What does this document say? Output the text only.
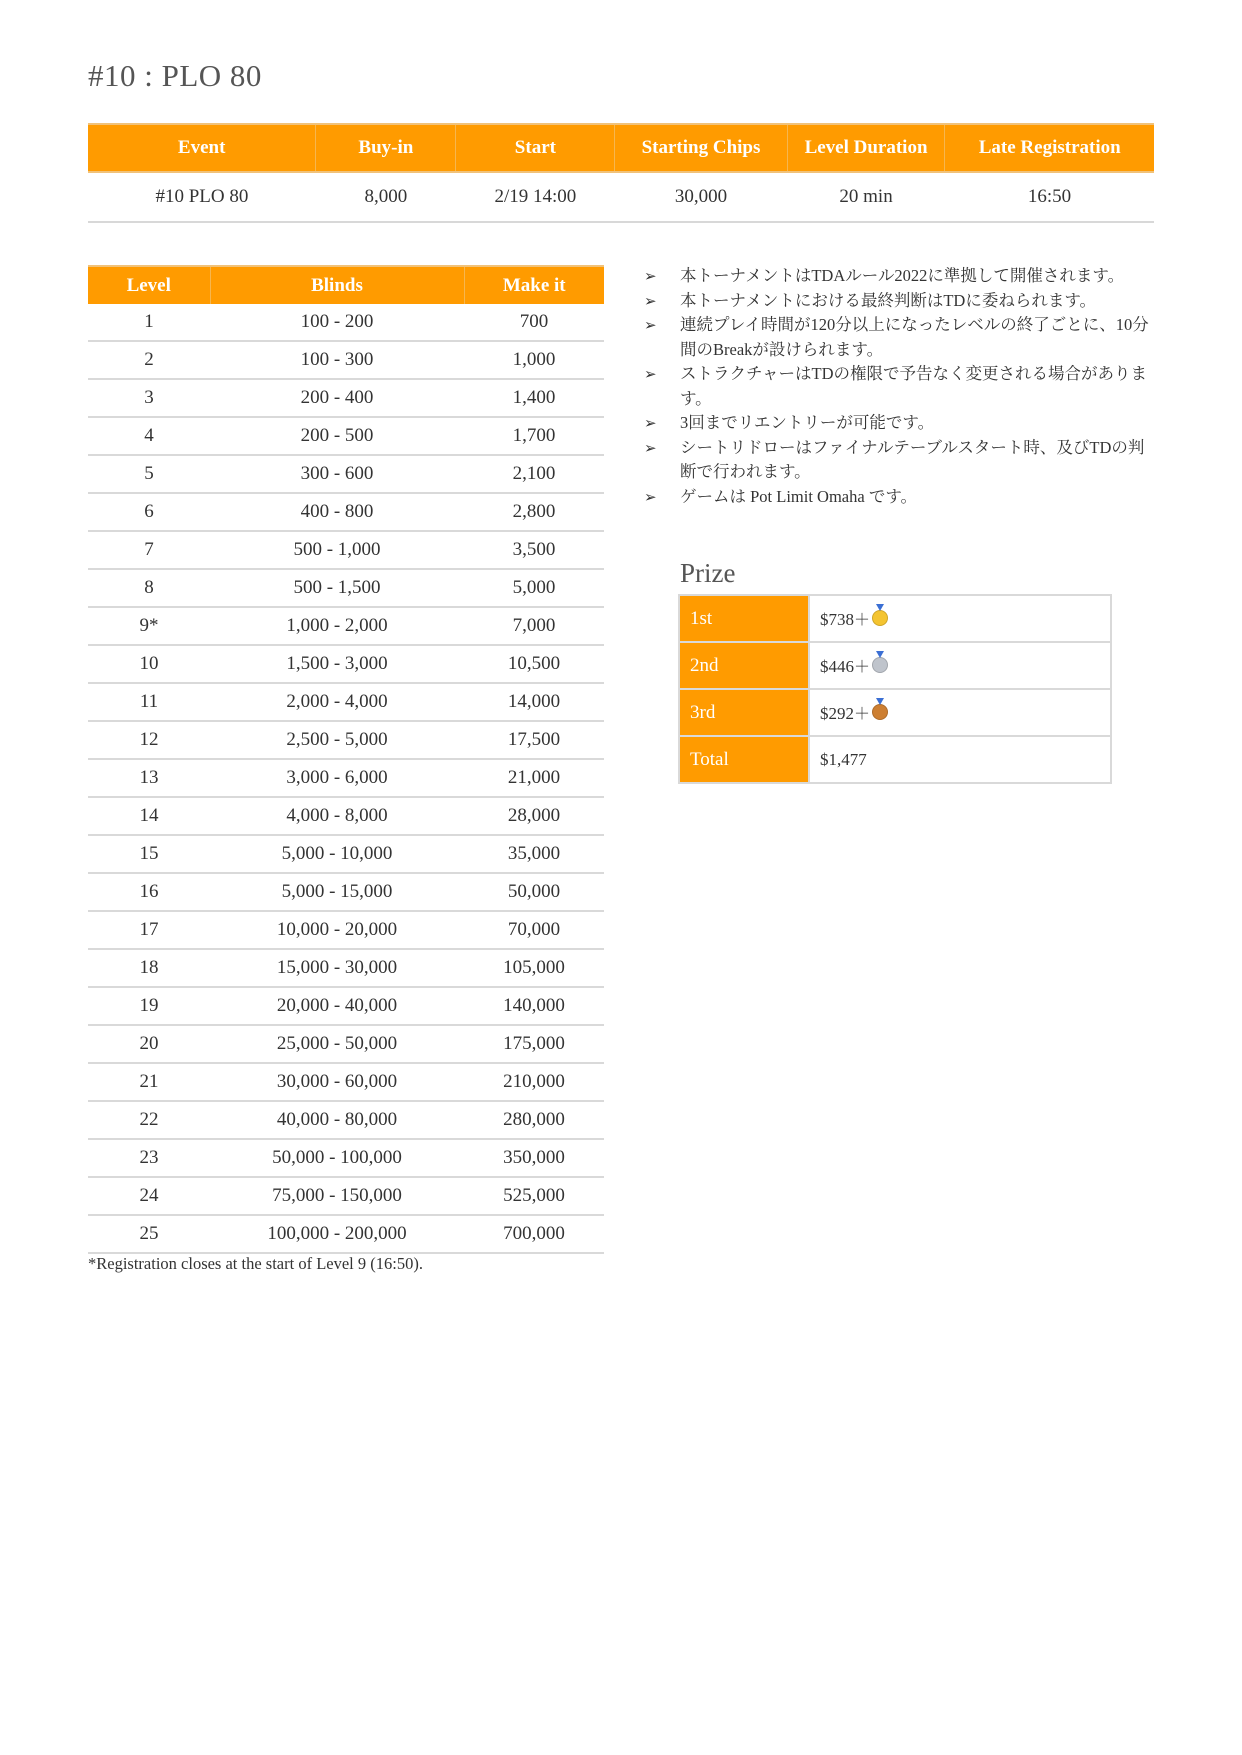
#10 : PLO 80
Event	Buy-in	Start	Starting Chips	Level Duration	Late Registration
#10 PLO 80	8,000	2/19 14:00	30,000	20 min	16:50
Level	Blinds	Make it
1	100 - 200	700
2	100 - 300	1,000
3	200 - 400	1,400
4	200 - 500	1,700
5	300 - 600	2,100
6	400 - 800	2,800
7	500 - 1,000	3,500
8	500 - 1,500	5,000
9*	1,000 - 2,000	7,000
10	1,500 - 3,000	10,500
11	2,000 - 4,000	14,000
12	2,500 - 5,000	17,500
13	3,000 - 6,000	21,000
14	4,000 - 8,000	28,000
15	5,000 - 10,000	35,000
16	5,000 - 15,000	50,000
17	10,000 - 20,000	70,000
18	15,000 - 30,000	105,000
19	20,000 - 40,000	140,000
20	25,000 - 50,000	175,000
21	30,000 - 60,000	210,000
22	40,000 - 80,000	280,000
23	50,000 - 100,000	350,000
24	75,000 - 150,000	525,000
25	100,000 - 200,000	700,000
*Registration closes at the start of Level 9 (16:50).
➢ 本トーナメントはTDAルール2022に準拠して開催されます。
➢ 本トーナメントにおける最終判断はTDに委ねられます。
➢ 連続プレイ時間が120分以上になったレベルの終了ごとに、10分間のBreakが設けられます。
➢ ストラクチャーはTDの権限で予告なく変更される場合があります。
➢ 3回までリエントリーが可能です。
➢ シートリドローはファイナルテーブルスタート時、及びTDの判断で行われます。
➢ ゲームは Pot Limit Omaha です。
Prize
1st	$738＋
2nd	$446＋
3rd	$292＋
Total	$1,477
